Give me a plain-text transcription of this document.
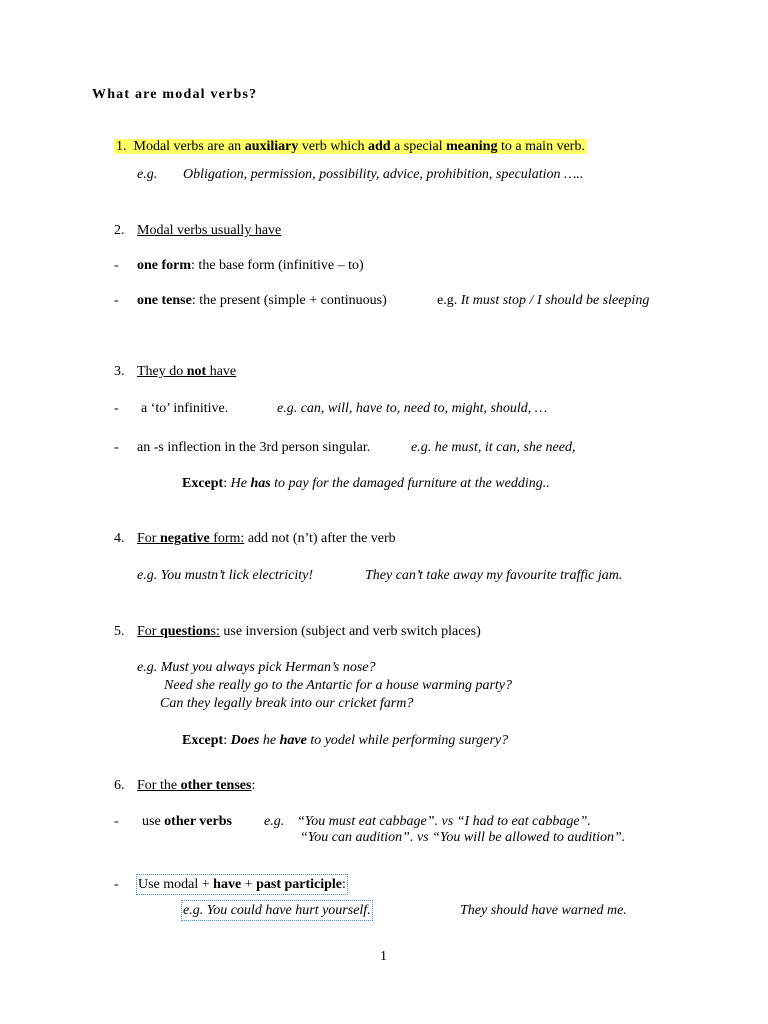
What are modal verbs?
1. Modal verbs are an auxiliary verb which add a special meaning to a main verb.
e.g. Obligation, permission, possibility, advice, prohibition, speculation …..
2. Modal verbs usually have
- one form: the base form (infinitive – to)
- one tense: the present (simple + continuous)	e.g. It must stop / I should be sleeping
3. They do not have
- a ‘to’ infinitive.	e.g. can, will, have to, need to, might, should, …
- an -s inflection in the 3rd person singular.	e.g. he must, it can, she need,
Except: He has to pay for the damaged furniture at the wedding..
4. For negative form: add not (n’t) after the verb
e.g. You mustn’t lick electricity!	They can’t take away my favourite traffic jam.
5. For questions: use inversion (subject and verb switch places)
e.g. Must you always pick Herman’s nose?
Need she really go to the Antartic for a house warming party?
Can they legally break into our cricket farm?
Except: Does he have to yodel while performing surgery?
6. For the other tenses:
- use other verbs e.g. “You must eat cabbage”. vs “I had to eat cabbage”.
“You can audition”. vs “You will be allowed to audition”.
- Use modal + have + past participle:
e.g. You could have hurt yourself.	They should have warned me.
1
